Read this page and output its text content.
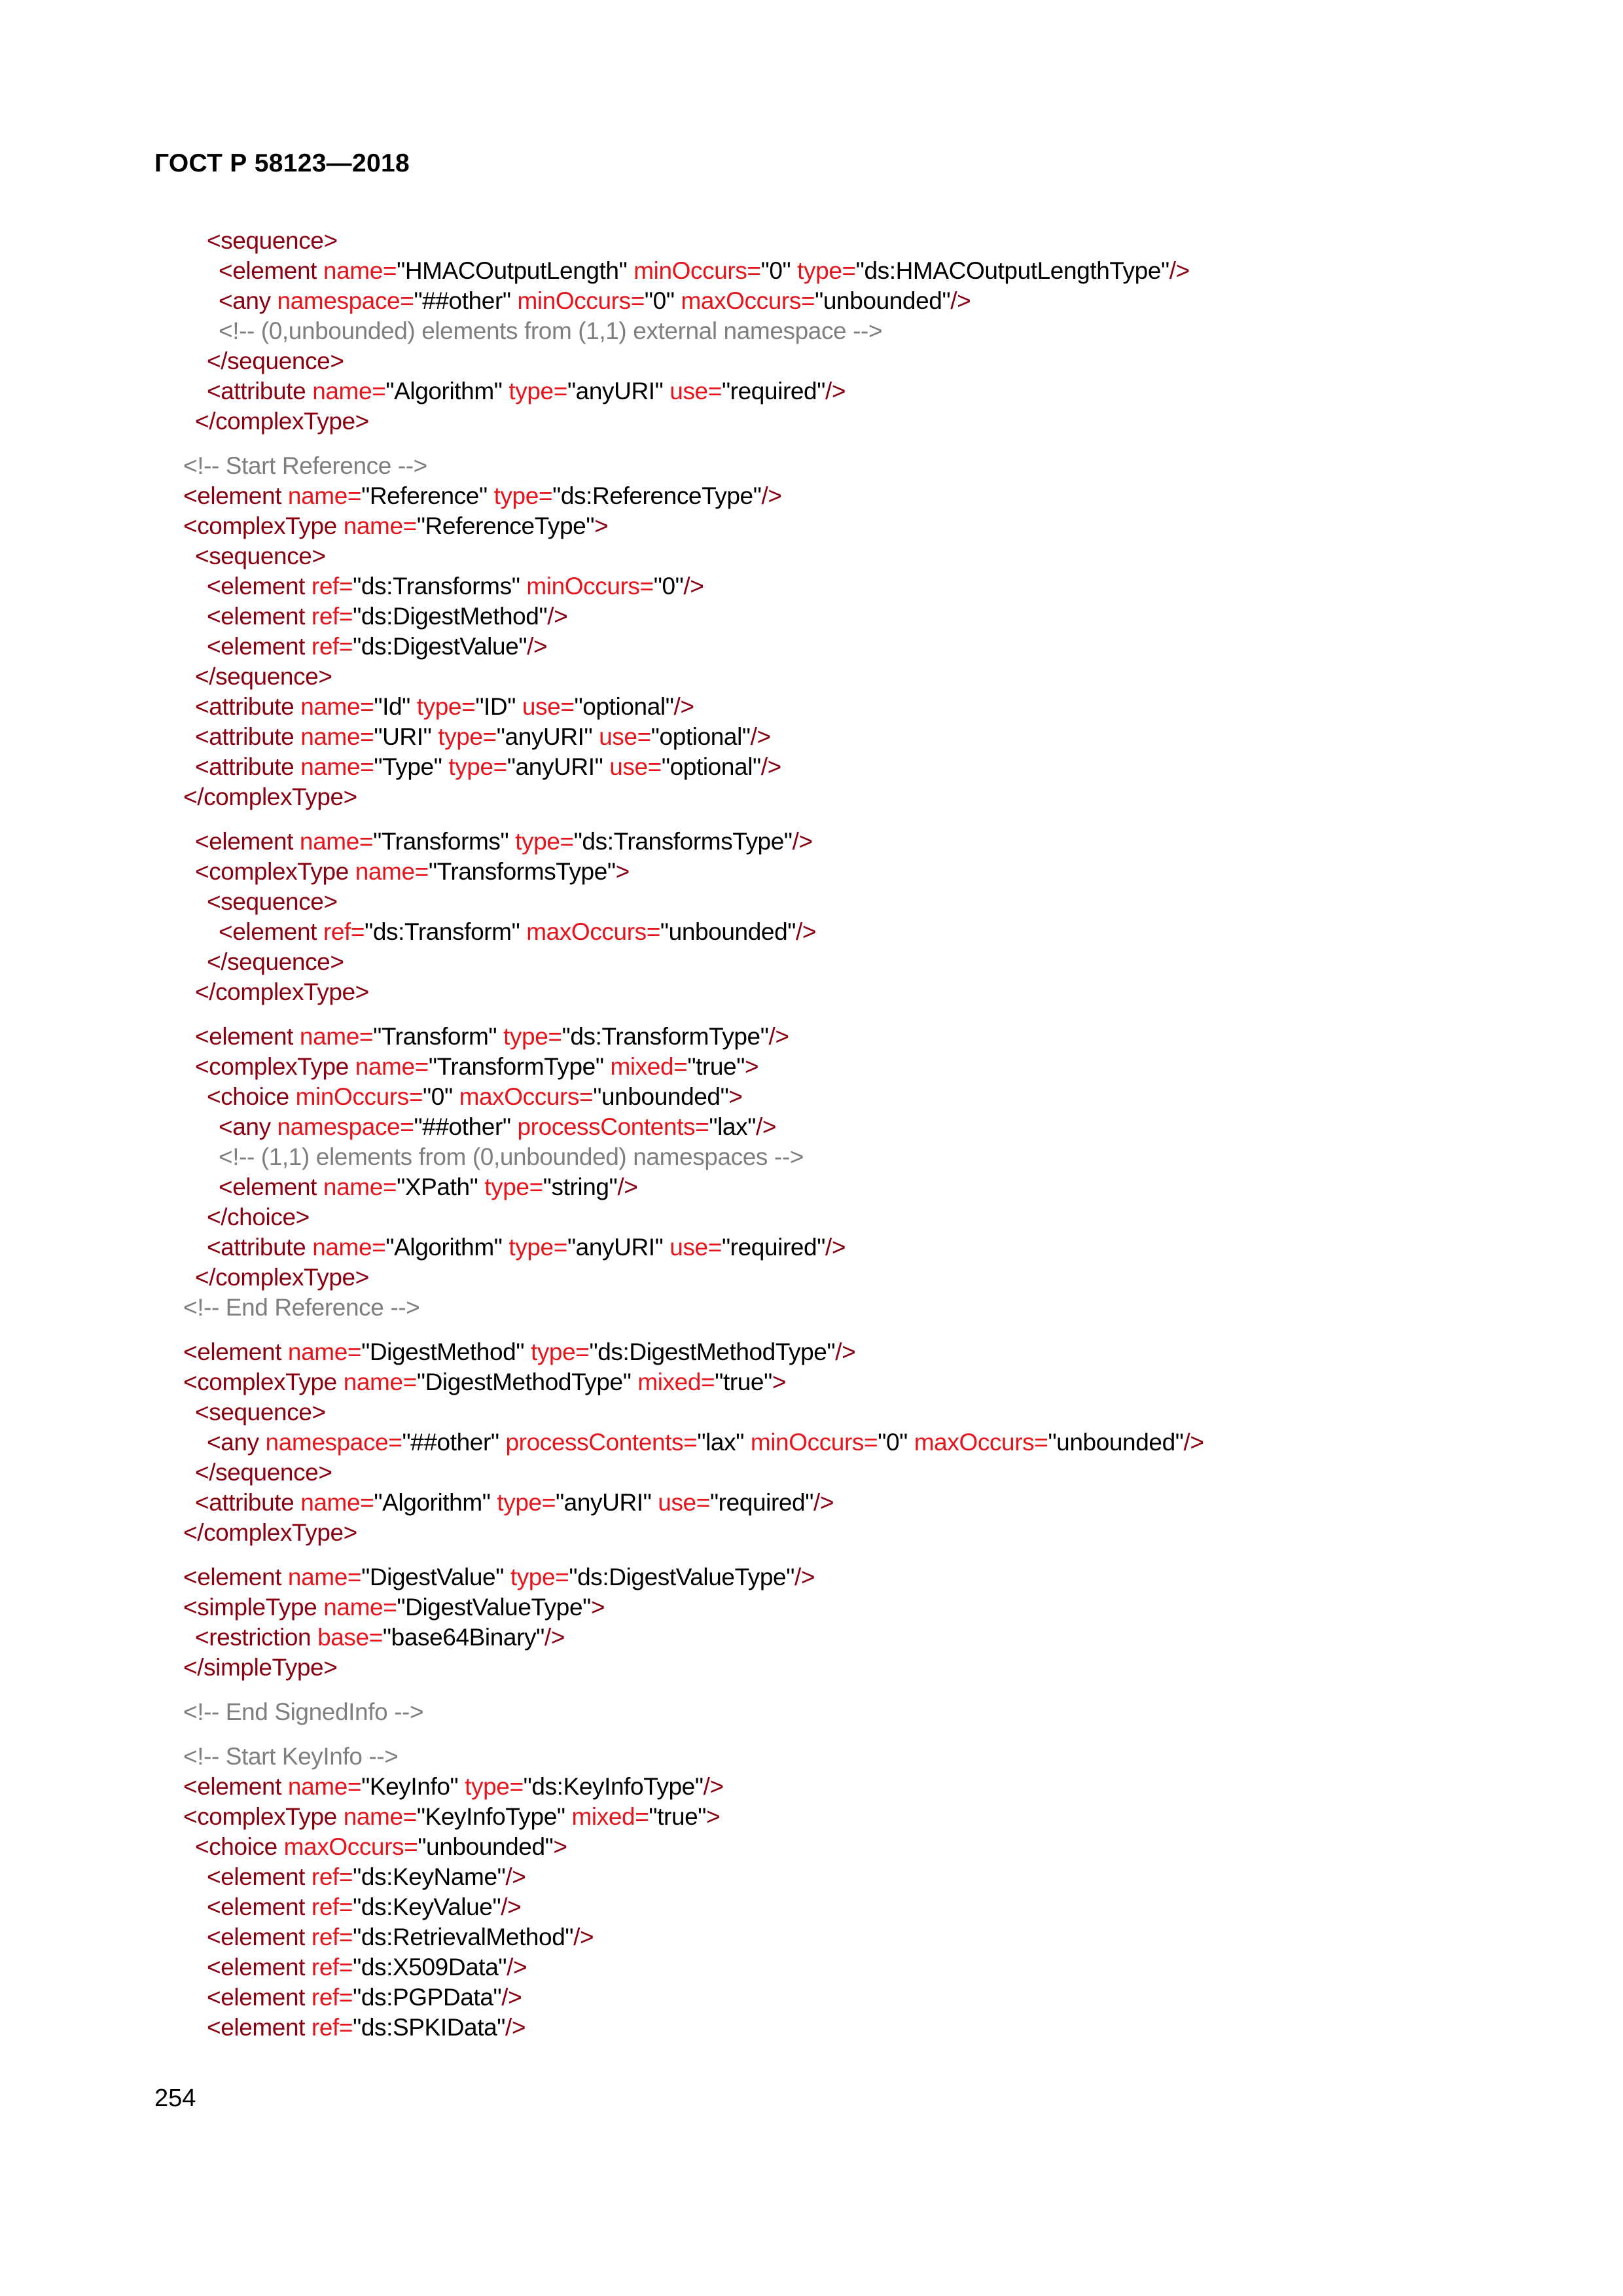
ГОСТ Р 58123—2018
<sequence>
<element name="HMACOutputLength" minOccurs="0" type="ds:HMACOutputLengthType"/>
<any namespace="##other" minOccurs="0" maxOccurs="unbounded"/>
<!-- (0,unbounded) elements from (1,1) external namespace -->
</sequence>
<attribute name="Algorithm" type="anyURI" use="required"/>
</complexType>
<!-- Start Reference -->
<element name="Reference" type="ds:ReferenceType"/>
<complexType name="ReferenceType">
<sequence>
<element ref="ds:Transforms" minOccurs="0"/>
<element ref="ds:DigestMethod"/>
<element ref="ds:DigestValue"/>
</sequence>
<attribute name="Id" type="ID" use="optional"/>
<attribute name="URI" type="anyURI" use="optional"/>
<attribute name="Type" type="anyURI" use="optional"/>
</complexType>
<element name="Transforms" type="ds:TransformsType"/>
<complexType name="TransformsType">
<sequence>
<element ref="ds:Transform" maxOccurs="unbounded"/>
</sequence>
</complexType>
<element name="Transform" type="ds:TransformType"/>
<complexType name="TransformType" mixed="true">
<choice minOccurs="0" maxOccurs="unbounded">
<any namespace="##other" processContents="lax"/>
<!-- (1,1) elements from (0,unbounded) namespaces -->
<element name="XPath" type="string"/>
</choice>
<attribute name="Algorithm" type="anyURI" use="required"/>
</complexType>
<!-- End Reference -->
<element name="DigestMethod" type="ds:DigestMethodType"/>
<complexType name="DigestMethodType" mixed="true">
<sequence>
<any namespace="##other" processContents="lax" minOccurs="0" maxOccurs="unbounded"/>
</sequence>
<attribute name="Algorithm" type="anyURI" use="required"/>
</complexType>
<element name="DigestValue" type="ds:DigestValueType"/>
<simpleType name="DigestValueType">
<restriction base="base64Binary"/>
</simpleType>
<!-- End SignedInfo -->
<!-- Start KeyInfo -->
<element name="KeyInfo" type="ds:KeyInfoType"/>
<complexType name="KeyInfoType" mixed="true">
<choice maxOccurs="unbounded">
<element ref="ds:KeyName"/>
<element ref="ds:KeyValue"/>
<element ref="ds:RetrievalMethod"/>
<element ref="ds:X509Data"/>
<element ref="ds:PGPData"/>
<element ref="ds:SPKIData"/>
254
